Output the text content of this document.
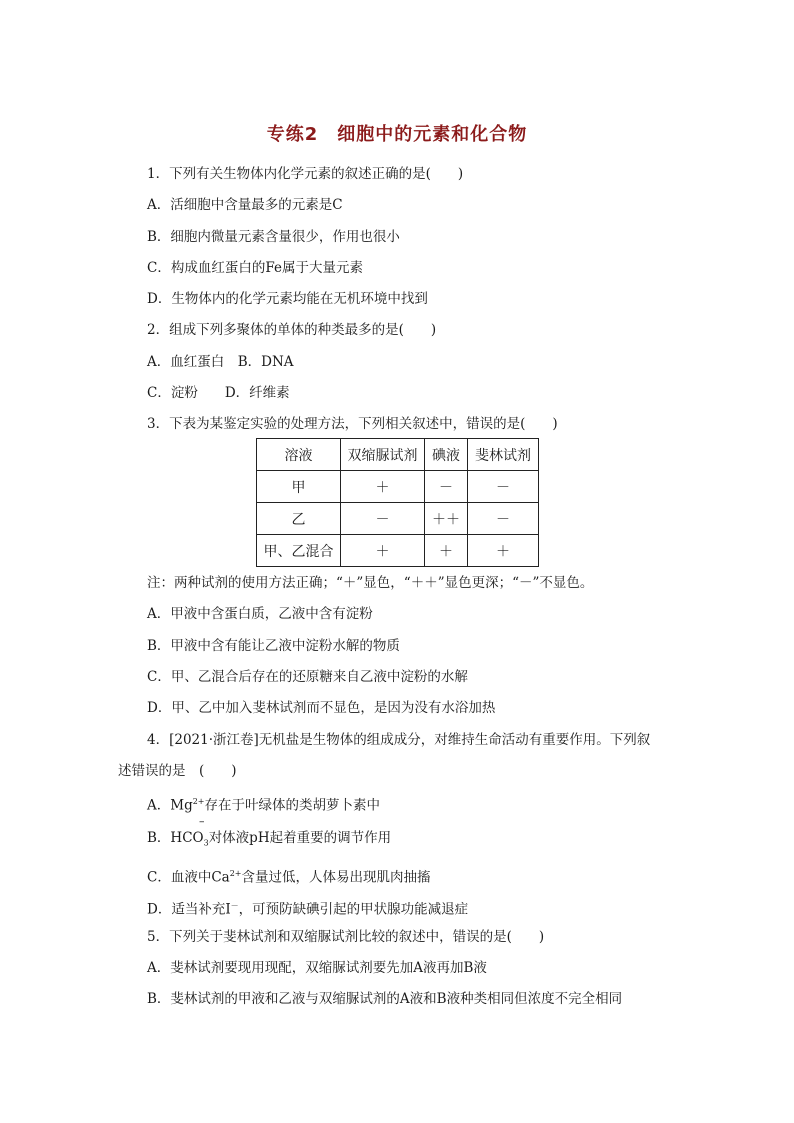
专练2　细胞中的元素和化合物
1．下列有关生物体内化学元素的叙述正确的是(　　)
A．活细胞中含量最多的元素是C
B．细胞内微量元素含量很少，作用也很小
C．构成血红蛋白的Fe属于大量元素
D．生物体内的化学元素均能在无机环境中找到
2．组成下列多聚体的单体的种类最多的是(　　)
A．血红蛋白　B．DNA
C．淀粉　　D．纤维素
3．下表为某鉴定实验的处理方法，下列相关叙述中，错误的是(　　)
溶液	双缩脲试剂	碘液	斐林试剂
甲	＋	－	－
乙	－	＋＋	－
甲、乙混合	＋	＋	＋
注：两种试剂的使用方法正确；“＋”显色，“＋＋”显色更深；“－”不显色。
A．甲液中含蛋白质，乙液中含有淀粉
B．甲液中含有能让乙液中淀粉水解的物质
C．甲、乙混合后存在的还原糖来自乙液中淀粉的水解
D．甲、乙中加入斐林试剂而不显色，是因为没有水浴加热
4．[2021·浙江卷]无机盐是生物体的组成成分，对维持生命活动有重要作用。下列叙
述错误的是　(　　)
A．$Mg^{2+}$存在于叶绿体的类胡萝卜素中
–
B．$HCO_3$对体液pH起着重要的调节作用
C．血液中$Ca^{2+}$含量过低，人体易出现肌肉抽搐
D．适当补充I－，可预防缺碘引起的甲状腺功能减退症
5．下列关于斐林试剂和双缩脲试剂比较的叙述中，错误的是(　　)
A．斐林试剂要现用现配，双缩脲试剂要先加A液再加B液
B．斐林试剂的甲液和乙液与双缩脲试剂的A液和B液种类相同但浓度不完全相同
